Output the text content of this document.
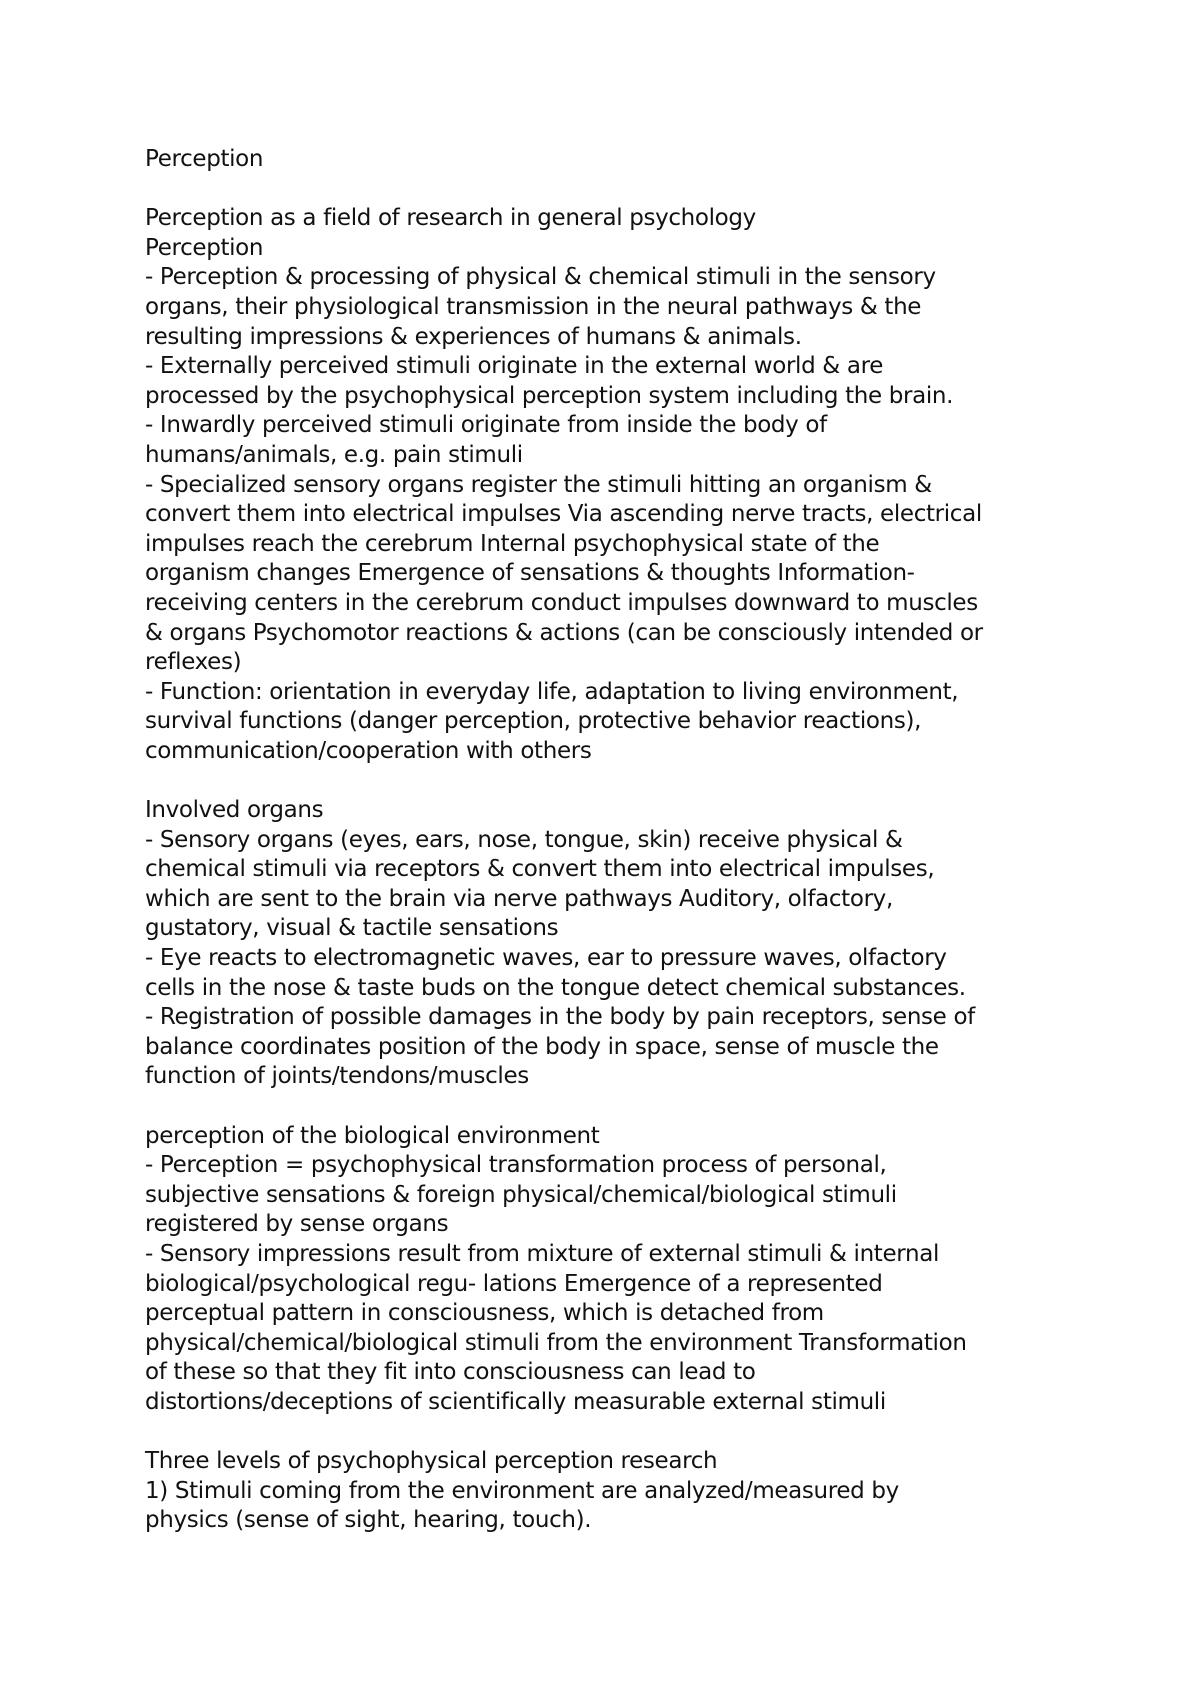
Perception
Perception as a field of research in general psychology
Perception
- Perception & processing of physical & chemical stimuli in the sensory
organs, their physiological transmission in the neural pathways & the
resulting impressions & experiences of humans & animals.
- Externally perceived stimuli originate in the external world & are
processed by the psychophysical perception system including the brain.
- Inwardly perceived stimuli originate from inside the body of
humans/animals, e.g. pain stimuli
- Specialized sensory organs register the stimuli hitting an organism &
convert them into electrical impulses Via ascending nerve tracts, electrical
impulses reach the cerebrum Internal psychophysical state of the
organism changes Emergence of sensations & thoughts Information-
receiving centers in the cerebrum conduct impulses downward to muscles
& organs Psychomotor reactions & actions (can be consciously intended or
reflexes)
- Function: orientation in everyday life, adaptation to living environment,
survival functions (danger perception, protective behavior reactions),
communication/cooperation with others
Involved organs
- Sensory organs (eyes, ears, nose, tongue, skin) receive physical &
chemical stimuli via receptors & convert them into electrical impulses,
which are sent to the brain via nerve pathways Auditory, olfactory,
gustatory, visual & tactile sensations
- Eye reacts to electromagnetic waves, ear to pressure waves, olfactory
cells in the nose & taste buds on the tongue detect chemical substances.
- Registration of possible damages in the body by pain receptors, sense of
balance coordinates position of the body in space, sense of muscle the
function of joints/tendons/muscles
perception of the biological environment
- Perception = psychophysical transformation process of personal,
subjective sensations & foreign physical/chemical/biological stimuli
registered by sense organs
- Sensory impressions result from mixture of external stimuli & internal
biological/psychological regu- lations Emergence of a represented
perceptual pattern in consciousness, which is detached from
physical/chemical/biological stimuli from the environment Transformation
of these so that they fit into consciousness can lead to
distortions/deceptions of scientifically measurable external stimuli
Three levels of psychophysical perception research
1) Stimuli coming from the environment are analyzed/measured by
physics (sense of sight, hearing, touch).
